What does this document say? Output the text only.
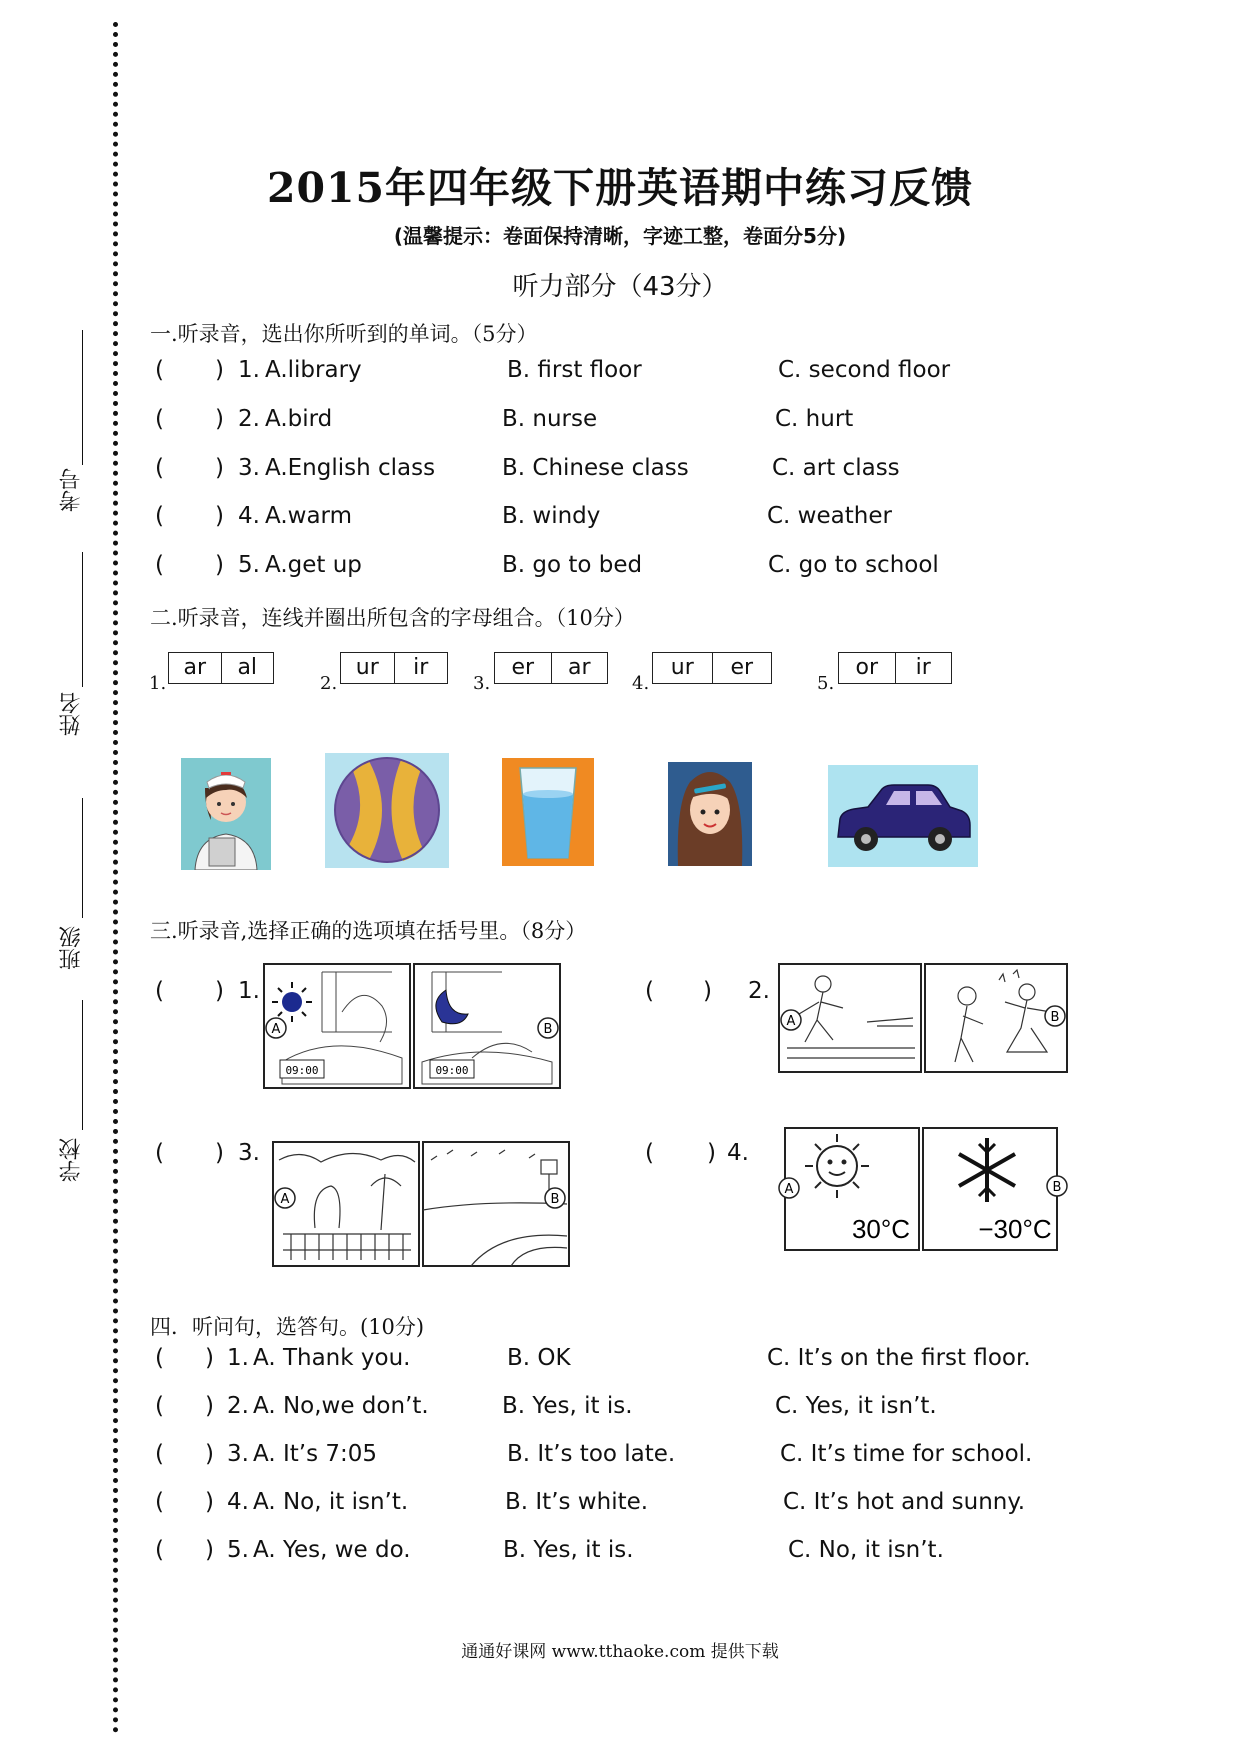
考号
姓名
班级
学校
2015年四年级下册英语期中练习反馈
(温馨提示：卷面保持清晰，字迹工整，卷面分5分)
听力部分（43分）
一.听录音，选出你所听到的单词。（5分）
( ) 1. A.library	B. first floor	C. second floor
( ) 2. A.bird	B. nurse	C. hurt
( ) 3. A.English class	B. Chinese class	C. art class
( ) 4. A.warm	B. windy	C. weather
( ) 5. A.get up	B. go to bed	C. go to school
二.听录音，连线并圈出所包含的字母组合。（10分）
1.
ar	al
2.
ur	ir
3.
er	ar
4.
ur	er
5.
or	ir
三.听录音,选择正确的选项填在括号里。（8分）
( ) 1.
A	B
09:00	09:00
( ) 2.
A	B
( ) 3.
A	B
( ) 4.
30°C	−30°C
A	B
四．听问句，选答句。(10分)
( ) 1. A. Thank you.	B. OK	C. It’s on the first floor.
( ) 2. A. No,we don’t.	B. Yes, it is.	C. Yes, it isn’t.
( ) 3. A. It’s 7:05	B. It’s too late.	C. It’s time for school.
( ) 4. A. No, it isn’t.	B. It’s white.	C. It’s hot and sunny.
( ) 5. A. Yes, we do.	B. Yes, it is.	C. No, it isn’t.
通通好课网 www.tthaoke.com 提供下载
